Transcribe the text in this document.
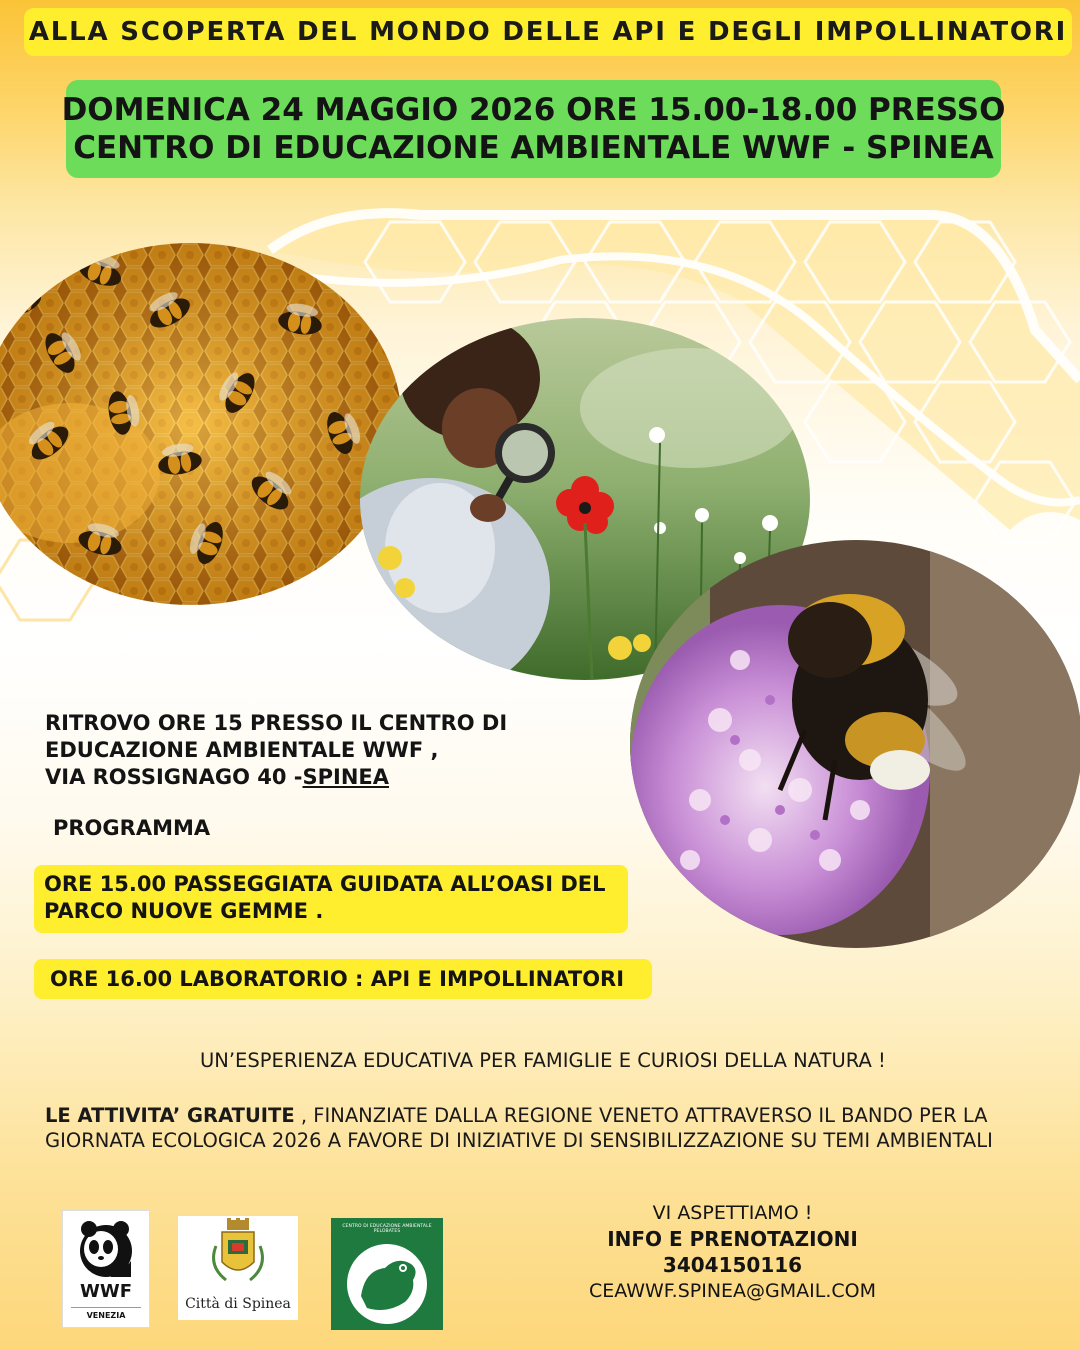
ALLA SCOPERTA DEL MONDO DELLE API E DEGLI IMPOLLINATORI
DOMENICA 24 MAGGIO 2026 ORE 15.00-18.00 PRESSO
CENTRO DI EDUCAZIONE AMBIENTALE WWF - SPINEA
RITROVO ORE 15 PRESSO IL CENTRO DI
EDUCAZIONE AMBIENTALE WWF ,
VIA ROSSIGNAGO 40 -SPINEA
PROGRAMMA
ORE 15.00 PASSEGGIATA GUIDATA ALL’OASI DEL
PARCO NUOVE GEMME .
ORE 16.00 LABORATORIO : API E IMPOLLINATORI
UN’ESPERIENZA EDUCATIVA PER FAMIGLIE E CURIOSI DELLA NATURA !
LE ATTIVITA’ GRATUITE , FINANZIATE DALLA REGIONE VENETO ATTRAVERSO IL BANDO PER LA GIORNATA ECOLOGICA 2026 A FAVORE DI INIZIATIVE DI SENSIBILIZZAZIONE SU TEMI AMBIENTALI
VI ASPETTIAMO !
INFO E PRENOTAZIONI
3404150116
CEAWWF.SPINEA@GMAIL.COM
WWF
VENEZIA
Città di Spinea
CENTRO DI EDUCAZIONE AMBIENTALE PELOBATES
